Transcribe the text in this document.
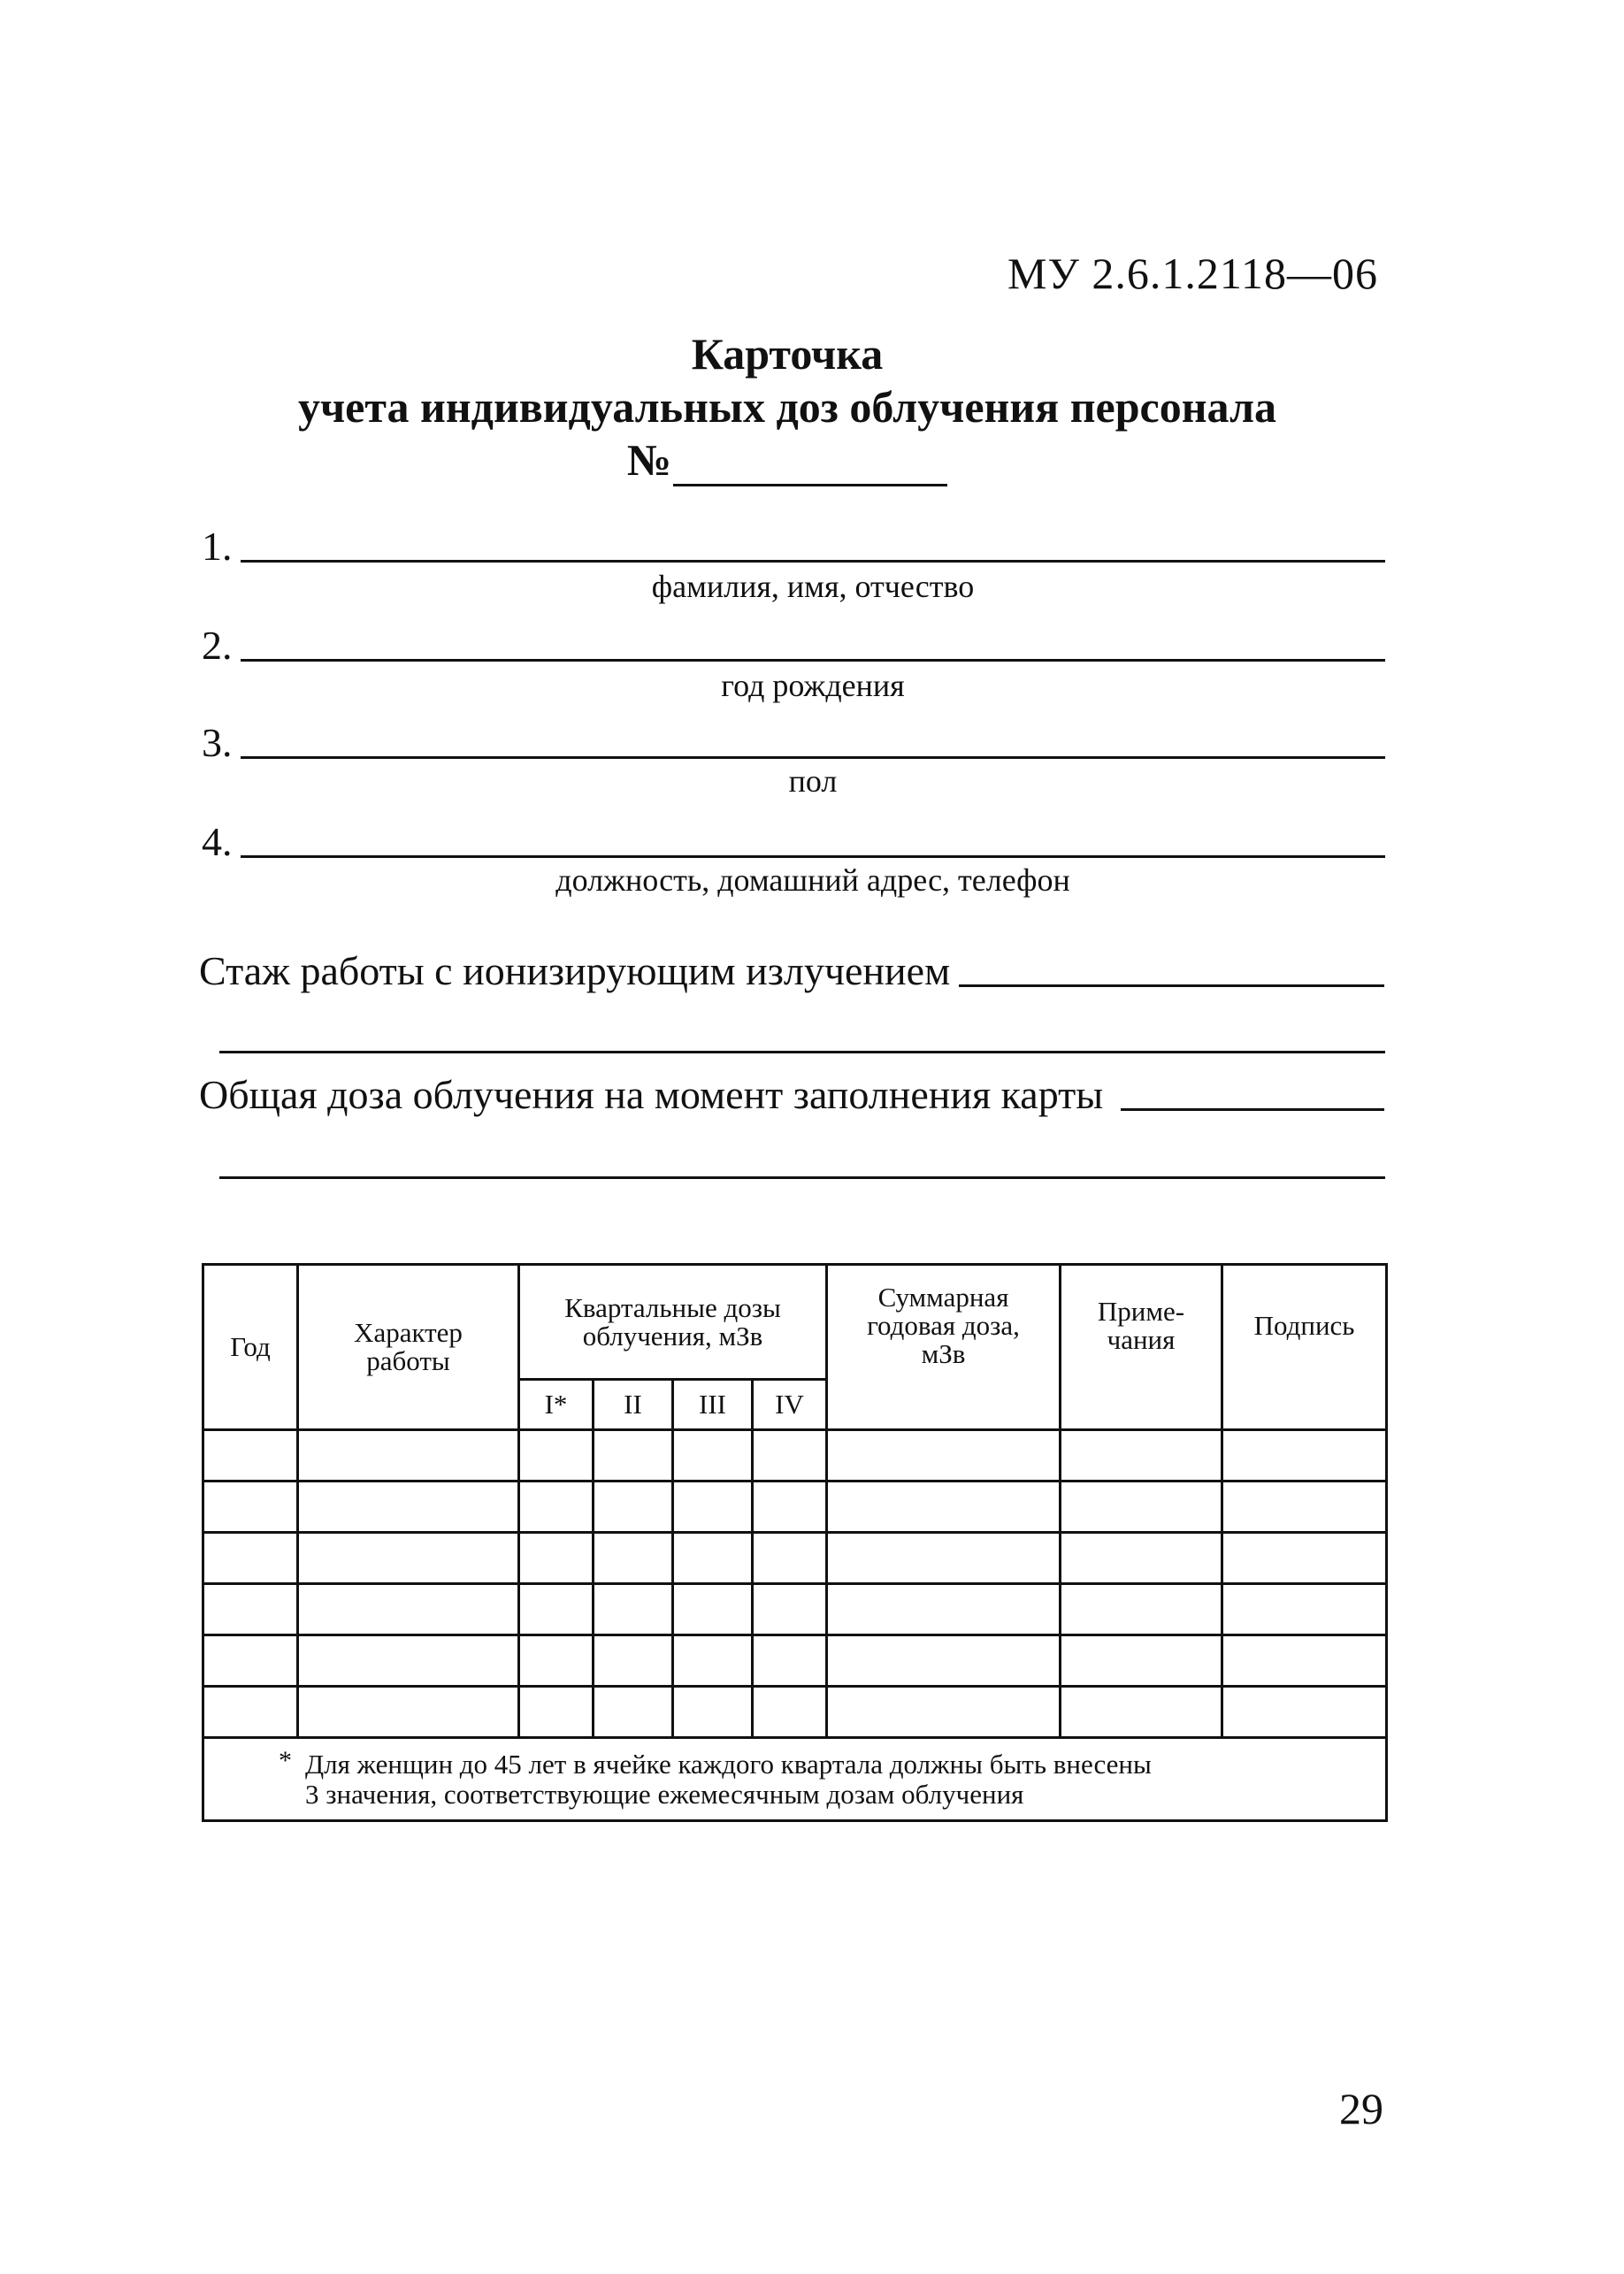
МУ 2.6.1.2118—06
Карточка
учета индивидуальных доз облучения персонала
№
1.
фамилия, имя, отчество
2.
год рождения
3.
пол
4.
должность, домашний адрес, телефон
Стаж работы с ионизирующим излучением
Общая доза облучения на момент заполнения карты
Год	Характер работы	Квартальные дозы облучения, мЗв				Суммарная годовая доза, мЗв	Приме-чания	Подпись
		I*	II	III	IV			

* Для женщин до 45 лет в ячейке каждого квартала должны быть внесены
3 значения, соответствующие ежемесячным дозам облучения								
29
